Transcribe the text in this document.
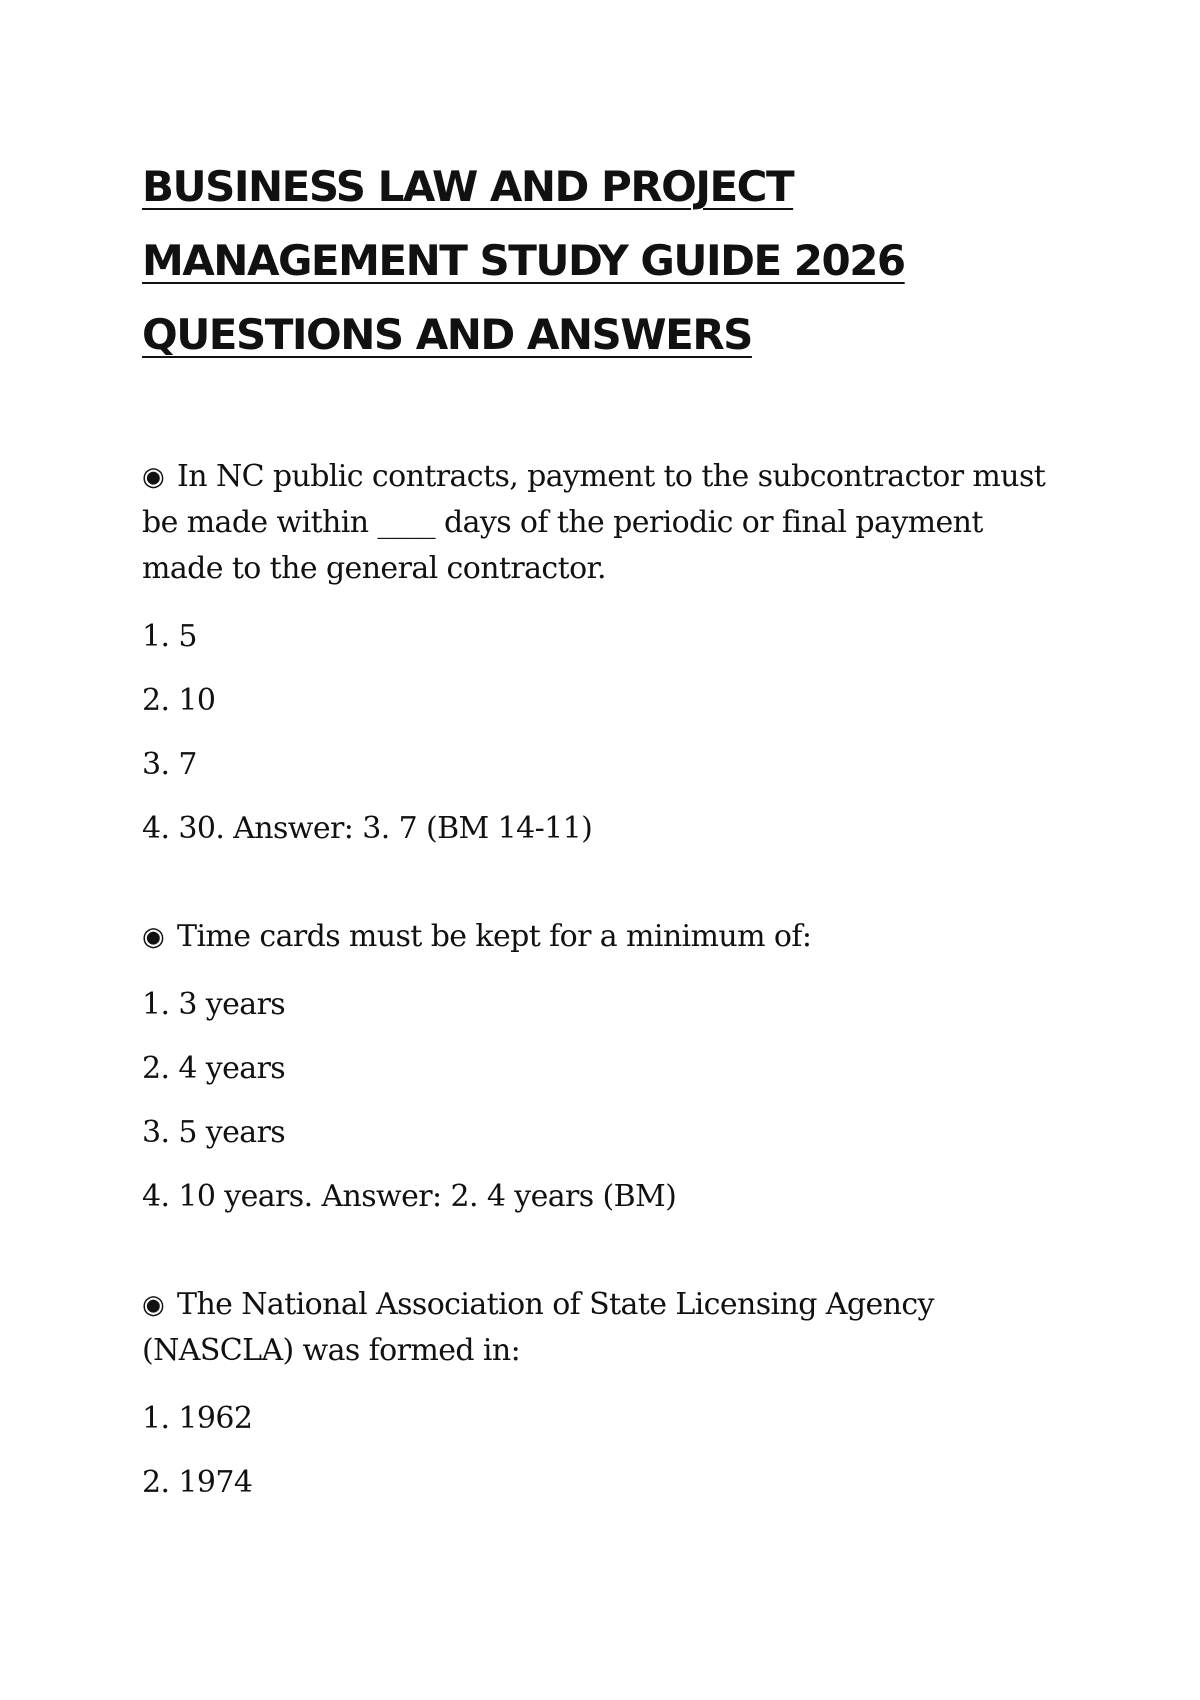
BUSINESS LAW AND PROJECT MANAGEMENT STUDY GUIDE 2026 QUESTIONS AND ANSWERS

◉ In NC public contracts, payment to the subcontractor must be made within ____ days of the periodic or final payment made to the general contractor.

1. 5

2. 10

3. 7

4. 30. Answer: 3. 7 (BM 14-11)

◉ Time cards must be kept for a minimum of:

1. 3 years

2. 4 years

3. 5 years

4. 10 years. Answer: 2. 4 years (BM)

◉ The National Association of State Licensing Agency (NASCLA) was formed in:

1. 1962

2. 1974
